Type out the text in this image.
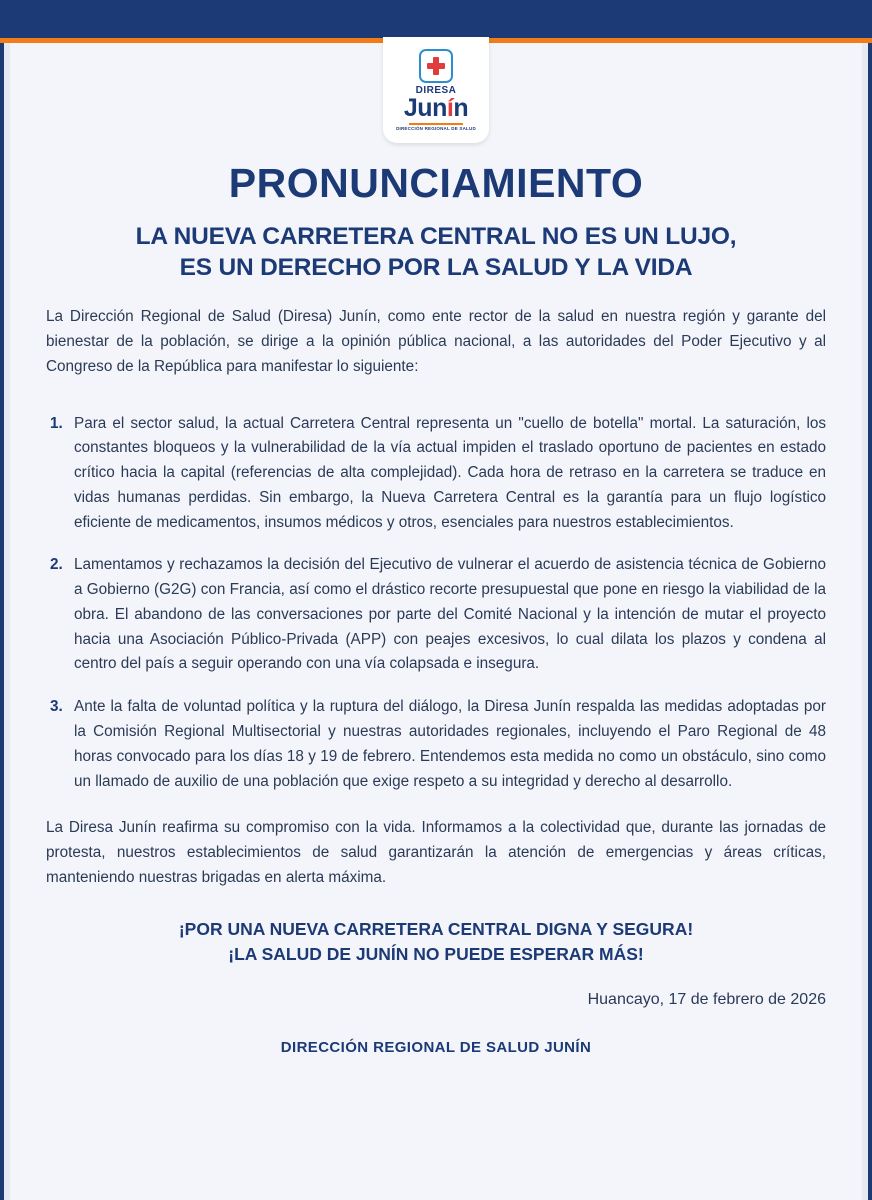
DIRESA
Junín
DIRECCIÓN REGIONAL DE SALUD
PRONUNCIAMIENTO
LA NUEVA CARRETERA CENTRAL NO ES UN LUJO,
ES UN DERECHO POR LA SALUD Y LA VIDA

La Dirección Regional de Salud (Diresa) Junín, como ente rector de la salud en nuestra región y garante del bienestar de la población, se dirige a la opinión pública nacional, a las autoridades del Poder Ejecutivo y al Congreso de la República para manifestar lo siguiente:

1. Para el sector salud, la actual Carretera Central representa un "cuello de botella" mortal. La saturación, los constantes bloqueos y la vulnerabilidad de la vía actual impiden el traslado oportuno de pacientes en estado crítico hacia la capital (referencias de alta complejidad). Cada hora de retraso en la carretera se traduce en vidas humanas perdidas. Sin embargo, la Nueva Carretera Central es la garantía para un flujo logístico eficiente de medicamentos, insumos médicos y otros, esenciales para nuestros establecimientos.
2. Lamentamos y rechazamos la decisión del Ejecutivo de vulnerar el acuerdo de asistencia técnica de Gobierno a Gobierno (G2G) con Francia, así como el drástico recorte presupuestal que pone en riesgo la viabilidad de la obra. El abandono de las conversaciones por parte del Comité Nacional y la intención de mutar el proyecto hacia una Asociación Público-Privada (APP) con peajes excesivos, lo cual dilata los plazos y condena al centro del país a seguir operando con una vía colapsada e insegura.
3. Ante la falta de voluntad política y la ruptura del diálogo, la Diresa Junín respalda las medidas adoptadas por la Comisión Regional Multisectorial y nuestras autoridades regionales, incluyendo el Paro Regional de 48 horas convocado para los días 18 y 19 de febrero. Entendemos esta medida no como un obstáculo, sino como un llamado de auxilio de una población que exige respeto a su integridad y derecho al desarrollo.

La Diresa Junín reafirma su compromiso con la vida. Informamos a la colectividad que, durante las jornadas de protesta, nuestros establecimientos de salud garantizarán la atención de emergencias y áreas críticas, manteniendo nuestras brigadas en alerta máxima.

¡POR UNA NUEVA CARRETERA CENTRAL DIGNA Y SEGURA!
¡LA SALUD DE JUNÍN NO PUEDE ESPERAR MÁS!

Huancayo, 17 de febrero de 2026

DIRECCIÓN REGIONAL DE SALUD JUNÍN
